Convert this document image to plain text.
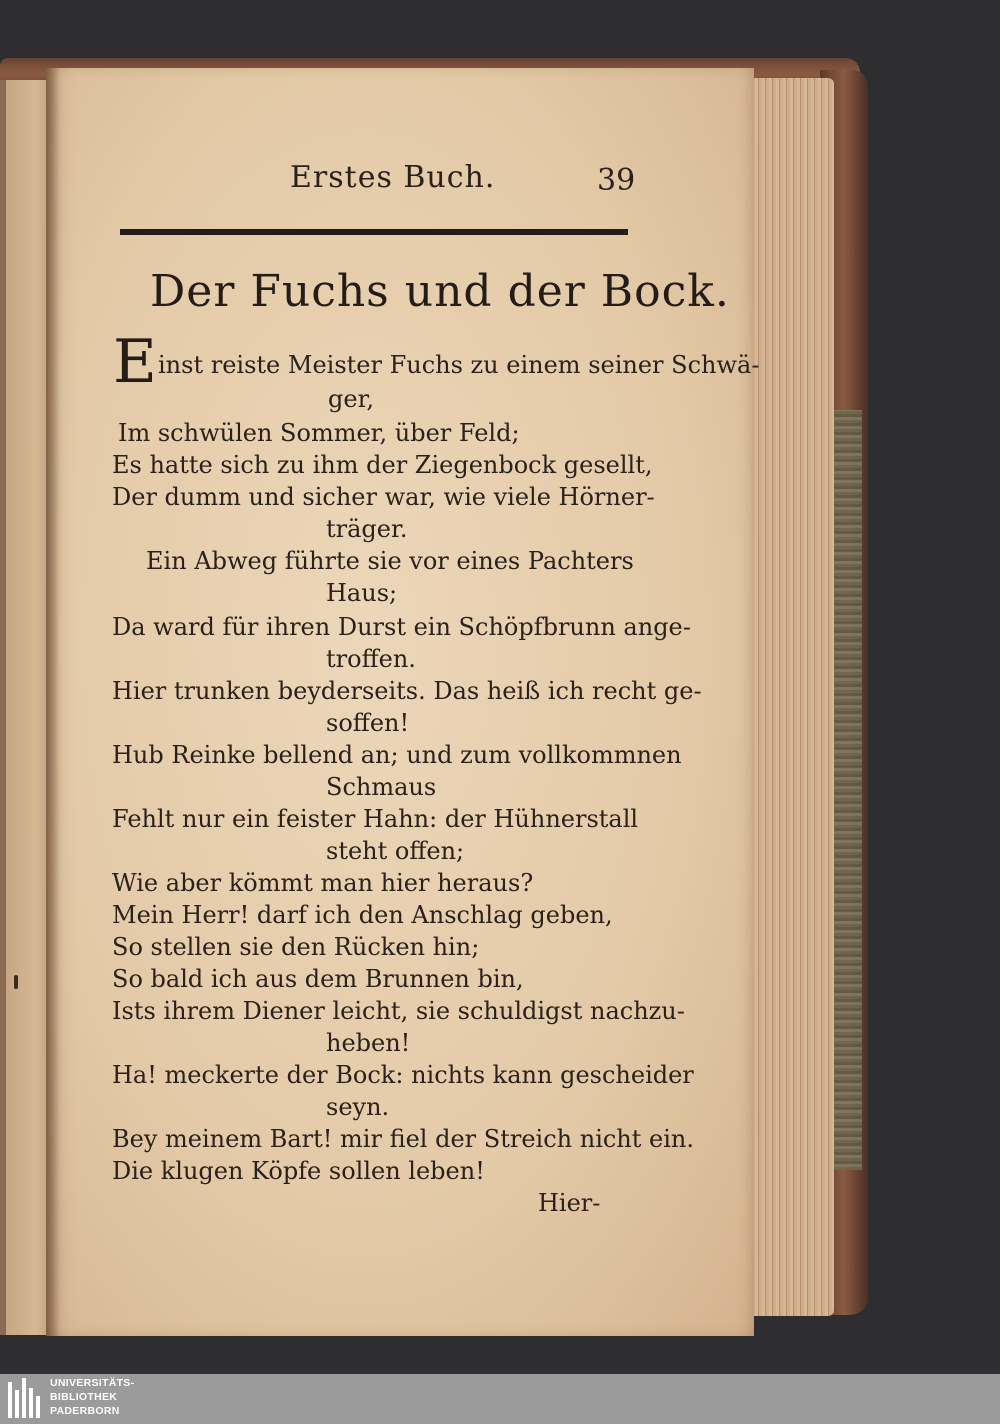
Erstes Buch.	39
Der Fuchs und der Bock.
E inst reiste Meister Fuchs zu einem seiner Schwä-
ger,
Im schwülen Sommer, über Feld;
Es hatte sich zu ihm der Ziegenbock gesellt,
Der dumm und sicher war, wie viele Hörner-
träger.
Ein Abweg führte sie vor eines Pachters
Haus;
Da ward für ihren Durst ein Schöpfbrunn ange-
troffen.
Hier trunken beyderseits. Das heiß ich recht ge-
soffen!
Hub Reinke bellend an; und zum vollkommnen
Schmaus
Fehlt nur ein feister Hahn: der Hühnerstall
steht offen;
Wie aber kömmt man hier heraus?
Mein Herr! darf ich den Anschlag geben,
So stellen sie den Rücken hin;
So bald ich aus dem Brunnen bin,
Ists ihrem Diener leicht, sie schuldigst nachzu-
heben!
Ha! meckerte der Bock: nichts kann gescheider
seyn.
Bey meinem Bart! mir fiel der Streich nicht ein.
Die klugen Köpfe sollen leben!
Hier-
UNIVERSITÄTS-
BIBLIOTHEK
PADERBORN
